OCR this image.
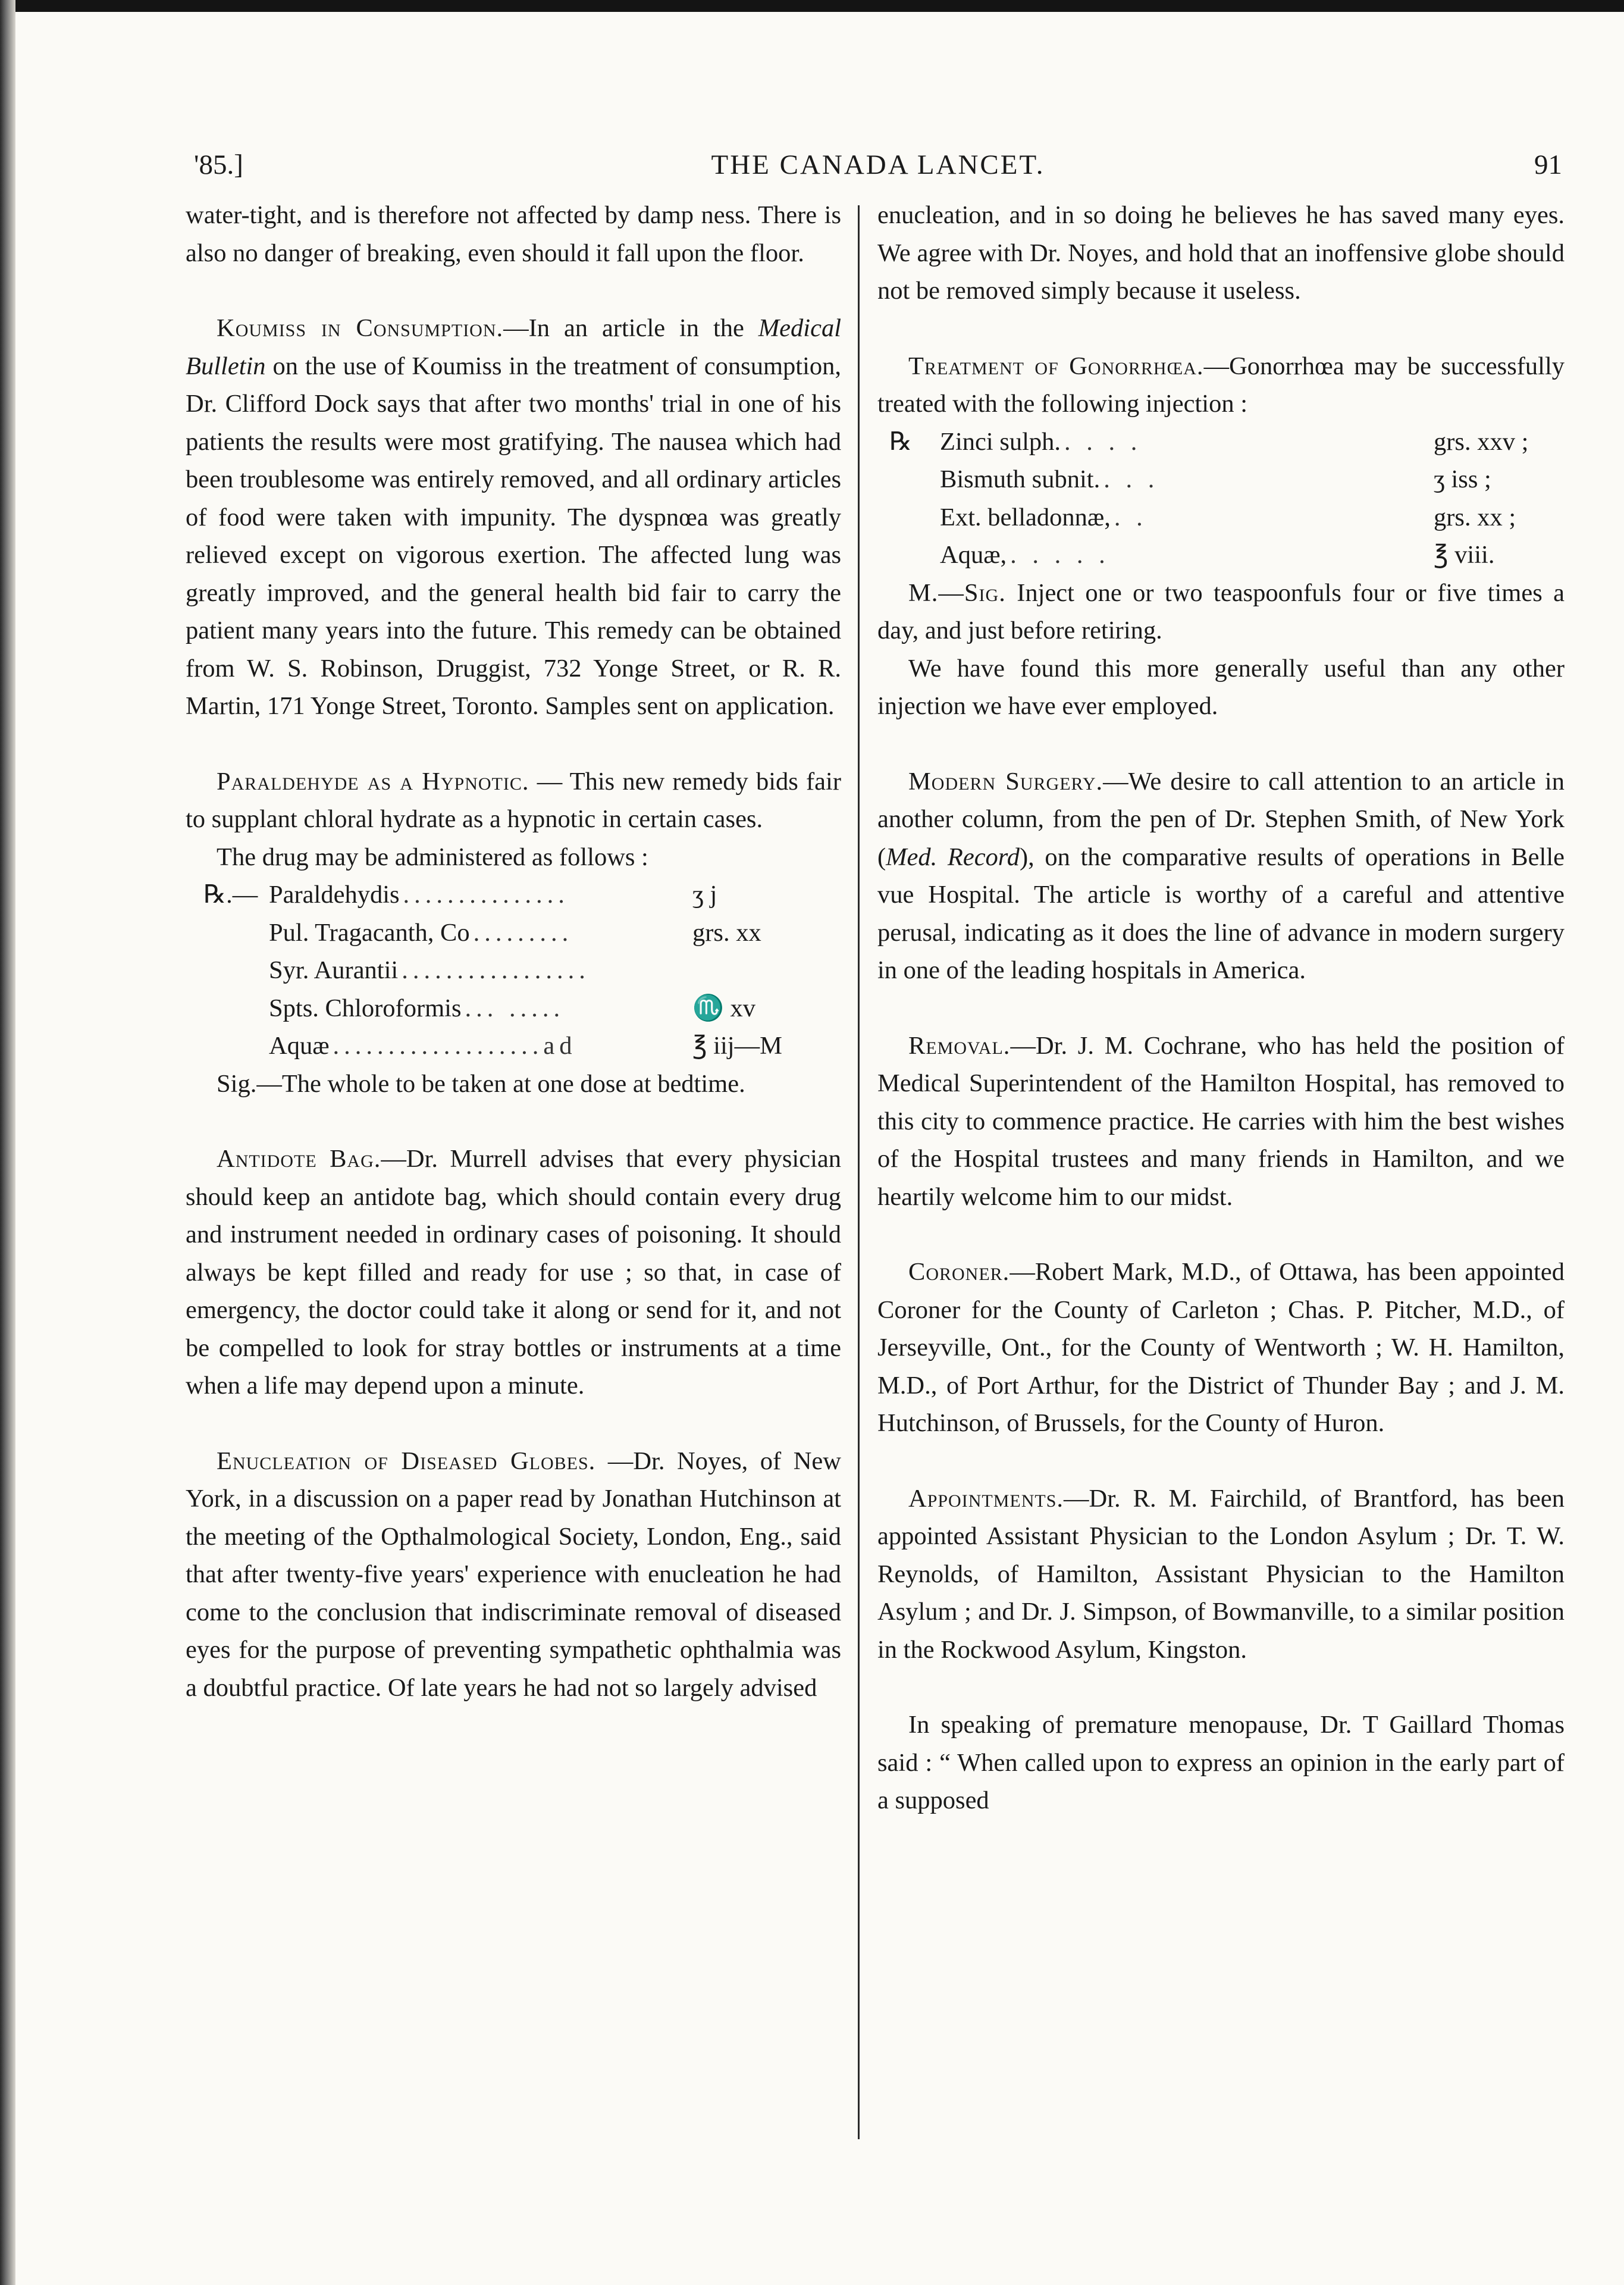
'85.]	THE CANADA LANCET.	91

water-tight, and is therefore not affected by damp ness. There is also no danger of breaking, even should it fall upon the floor.

Koumiss in Consumption.—In an article in the Medical Bulletin on the use of Koumiss in the treatment of consumption, Dr. Clifford Dock says that after two months' trial in one of his patients the results were most gratifying. The nausea which had been troublesome was entirely removed, and all ordinary articles of food were taken with impunity. The dyspnœa was greatly relieved except on vigorous exertion. The affected lung was greatly improved, and the general health bid fair to carry the patient many years into the future. This remedy can be obtained from W. S. Robinson, Druggist, 732 Yonge Street, or R. R. Martin, 171 Yonge Street, Toronto. Samples sent on application.

Paraldehyde as a Hypnotic. — This new remedy bids fair to supplant chloral hydrate as a hypnotic in certain cases.

The drug may be administered as follows :

℞.— Paraldehydis ...............	ʒ j
Pul. Tragacanth, Co .........	grs. xx
Syr. Aurantii .................
Spts. Chloroformis ... .....	♏ xv
Aquæ ...................ad	℥ iij—M

Sig.—The whole to be taken at one dose at bedtime.

Antidote Bag.—Dr. Murrell advises that every physician should keep an antidote bag, which should contain every drug and instrument needed in ordinary cases of poisoning. It should always be kept filled and ready for use ; so that, in case of emergency, the doctor could take it along or send for it, and not be compelled to look for stray bottles or instruments at a time when a life may depend upon a minute.

Enucleation of Diseased Globes. —Dr. Noyes, of New York, in a discussion on a paper read by Jonathan Hutchinson at the meeting of the Opthalmological Society, London, Eng., said that after twenty-five years' experience with enucleation he had come to the conclusion that indiscriminate removal of diseased eyes for the purpose of preventing sympathetic ophthalmia was a doubtful practice. Of late years he had not so largely advised

enucleation, and in so doing he believes he has saved many eyes. We agree with Dr. Noyes, and hold that an inoffensive globe should not be removed simply because it useless.

Treatment of Gonorrhœa.—Gonorrhœa may be successfully treated with the following injection :

℞	Zinci sulph. . . . .	grs. xxv ;
Bismuth subnit. . . .	ʒ iss ;
Ext. belladonnæ, . .	grs. xx ;
Aquæ, . . . . .	℥ viii.

M.—Sig. Inject one or two teaspoonfuls four or five times a day, and just before retiring.

We have found this more generally useful than any other injection we have ever employed.

Modern Surgery.—We desire to call attention to an article in another column, from the pen of Dr. Stephen Smith, of New York (Med. Record), on the comparative results of operations in Belle vue Hospital. The article is worthy of a careful and attentive perusal, indicating as it does the line of advance in modern surgery in one of the leading hospitals in America.

Removal.—Dr. J. M. Cochrane, who has held the position of Medical Superintendent of the Hamilton Hospital, has removed to this city to commence practice. He carries with him the best wishes of the Hospital trustees and many friends in Hamilton, and we heartily welcome him to our midst.

Coroner.—Robert Mark, M.D., of Ottawa, has been appointed Coroner for the County of Carleton ; Chas. P. Pitcher, M.D., of Jerseyville, Ont., for the County of Wentworth ; W. H. Hamilton, M.D., of Port Arthur, for the District of Thunder Bay ; and J. M. Hutchinson, of Brussels, for the County of Huron.

Appointments.—Dr. R. M. Fairchild, of Brantford, has been appointed Assistant Physician to the London Asylum ; Dr. T. W. Reynolds, of Hamilton, Assistant Physician to the Hamilton Asylum ; and Dr. J. Simpson, of Bowmanville, to a similar position in the Rockwood Asylum, Kingston.

In speaking of premature menopause, Dr. T Gaillard Thomas said : “ When called upon to express an opinion in the early part of a supposed
